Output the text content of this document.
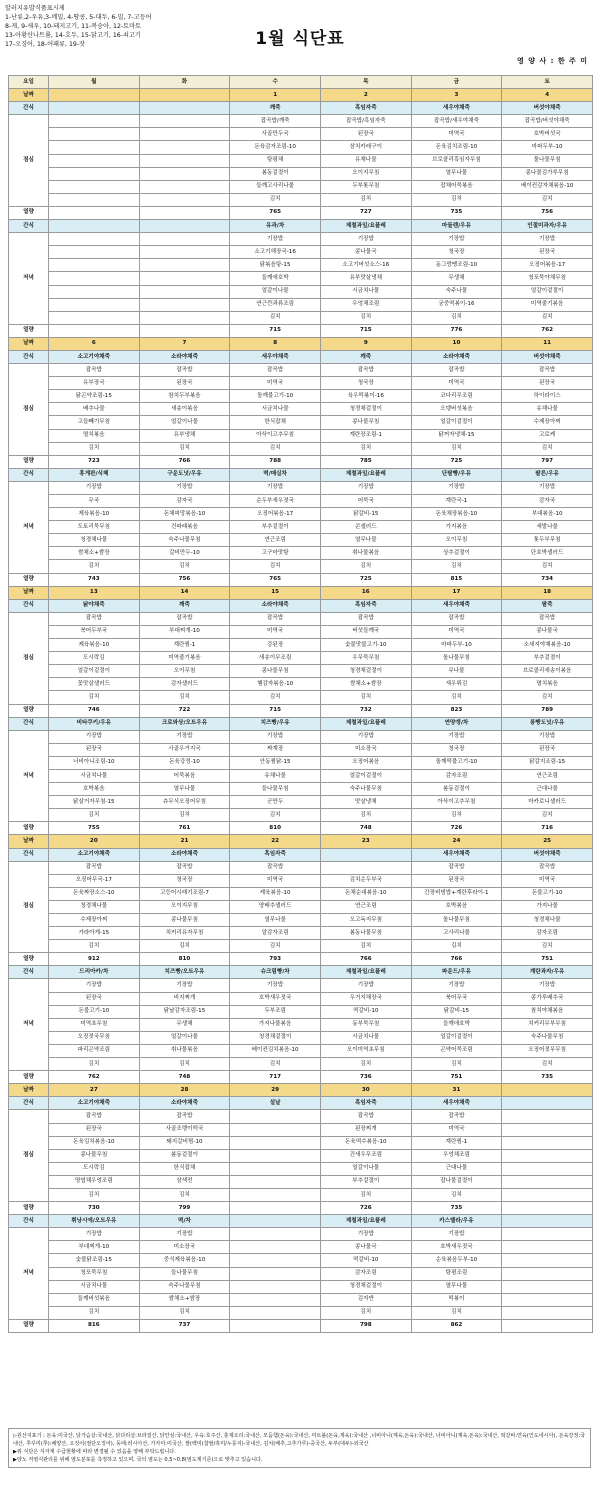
알러지유발식품표시제
1-난류,2-우유,3-메밀, 4-땅콩, 5-대두, 6-밀, 7-고등어
8-게, 9-새우, 10-돼지고기, 11-복숭아, 12-토마토
13-아황산나트륨, 14-호두, 15-닭고기, 16-쇠고기
17-오징어, 18-어패류, 19-잣	1월 식단표
영 양 사 : 한 주 미
요일	월	화	수	목	금	토
날짜			1	2	3	4
간식			깨죽	흑임자죽	새우야채죽	버섯야채죽
점심			잡곡밥/깨죽	잡곡밥/흑임자죽	잡곡밥/새우야채죽	잡곡밥/버섯야채죽
			사골만두국	된장국	미역국	호박버섯국
			돈육감자조림-10	삼치카레구이	돈육김치조림-10	마파두부-10
			탕평채	유채나물	브로콜리흑임자무침	물나물무침
			봄동겉절이	오이지무침	열무나물	콩나물김가루무침
			들깨고사리나물	두부톳무침	잡채어묵볶음	베이컨감자채볶음-10
			김치	김치	김치	김치
열량			765	727	735	756
간식			유과/차	제철과일/요플레	마들렌/우유	인절미과자/우유
저녁			기장밥	기장밥	기장밥	기장밥
			소고기해장국-16	콩나물국	청국장	된장국
			닭볶음탕-15	소고기버섯소스-16	동그랑땡조림-10	오징어볶음-17
			들깨애호박	유부맛살냉채	무생채	청포묵야채무침
			얼갈이나물	시금치나물	숙주나물	얼갈이겉절이
			연근깐과류조림	우엉채조림	궁중떡볶이-16	미역줄기볶음
			김치	김치	김치	김치
열량			715	715	776	762
날짜	6	7	8	9	10	11
간식	소고기야채죽	소라야채죽	새우야채죽	깨죽	소라야채죽	버섯야채죽
점심	잡곡밥	잡곡밥	잡곡밥	잡곡밥	잡곡밥	잡곡밥
	유부장국	된장국	미역국	청국장	미역국	된장국
	닭곤약조림-15	참치두부볶음	돌깨불고기-10	육우떡볶이-16	코다리무조림	하이라이스
	배추나물	새송이볶음	시금치나물	청경채겉절이	오뎅버섯볶음	유채나물
	고들빼기무침	얼갈이나물	한식잡채	콩나물무침	얼갈이겉절이	수제장아찌
	멸치볶음	유부냉채	아삭이고추무침	계란장조림-1	닭꺼자냉채-15	고로케
	김치	김치	김치	김치	김치	김치
열량	723	766	788	785	725	797
간식	휴게판/식혜	구운도넛/우유	떡/매실차	제철과일/요플레	단팥빵/우유	팔른/우유
저녁	기장밥	기장밥	기장밥	기장밥	기장밥	기장밥
	무국	감자국	순두부새우젓국	어묵국	계란국-1	감자국
	제육볶음-10	돈채피망볶음-10	오징어볶음-17	닭갈비-15	돈육채장볶음-10	부대볶음-10
	도토리묵무침	건파래볶음	부추겉절이	콘샐러드	가지볶음	세발나물
	청경채나물	숙주나물무침	연근조림	열무나물	오이무침	톳두부무침
	쌈채소+쌈장	갈비만두-10	고구마맛탕	취나물볶음	상추겉절이	단호박샐러드
	김치	김치	김치	김치	김치	김치
열량	743	756	765	725	815	734
날짜	13	14	15	16	17	18
간식	닭야채죽	깨죽	소라야채죽	흑임자죽	새우야채죽	팥죽
점심	잡곡밥	잡곡밥	잡곡밥	잡곡밥	잡곡밥	잡곡밥
	북어두부국	부대찌개-10	미역국	버섯들깨국	미역국	콩나물국
	제육볶음-10	계란찜-1	강된장	숯불맛불고기-10	마파두부-10	소세지야채볶음-10
	도시락김	미역줄기볶음	새송이무조림	우무묵무침	돌나물무침	부추겉절이
	얼갈이겉절이	오이무침	콩나물무침	청경채겉절이	무나물	브로콜리새송이볶음
	꽃맛살샐러드	감자샐러드	햄감자볶음-10	쌈채소+쌈장	새우튀김	멸치볶음
	김치	김치	김치	김치	김치	김치
열량	746	722	715	732	823	789
간식	비타쿠키/우유	크로와상/오트우유	치즈빵/우유	제철과일/요플레	연양갱/차	롱빵도넛/우유
저녁	기장밥	기장밥	기장밥	기장밥	기장밥	기장밥
	된장국	사골우거지국	짜계장	미소장국	청국장	된장국
	너비아니조림-10	돈육강정-10	안동찜닭-15	오징어볶음	돌깨떡불고기-10	닭갈지조림-15
	시금치나물	어묵볶음	유채나물	얼갈이겉절이	감자조림	연근조림
	호박볶음	열무나물	들나물무침	숙주나물무침	봄동겉절이	근대나물
	닭살거자무침-15	츄무식오징어무침	군만두	맛살냉채	아삭이고추무침	마카로니샐러드
	김치	김치	김치	김치	김치	김치
열량	755	761	810	748	726	716
날짜	20	21	22	23	24	25
간식	소고기야채죽	소라야채죽	흑임자죽		새우야채죽	버섯야채죽
점심	잡곡밥	잡곡밥	잡곡밥		잡곡밥	잡곡밥
	오징어무국-17	청국장	미역국	김치순두부국	된장국	미역국
	돈육짜장소스-10	고등어시래기조림-7	제육볶음-10	돈채순대볶음-10	간장비빔밥+계란후라이-1	돈불고기-10
	청경채나물	오이지무침	양배추샐러드	연근조림	호박볶음	가지나물
	수제장아찌	콩나물무침	열무나물	오고독지무침	돌나물무침	청경채나물
	가라아게-15	치커리유자무침	알감자조림	봄동나물무침	고사리나물	감자조림
	김치	김치	김치	김치	김치	김치
열량	912	810	793	766	766	751
간식	드리아카/차	치즈빵/오트우유	슈크림빵/차	제철과일/요플레	파운드/우유	계란과자/우유
저녁	기장밥	기장밥	기장밥	기장밥	기장밥	기장밥
	된장국	비지찌개	호박새우젓국	우거지해장국	북어무국	콩가루배추국
	돈불고기-10	닭날감자조림-15	두부조림	떡갈비-10	닭갈비-15	참치야채볶음
	미역초무침	무생채	가지나물볶음	동부묵무침	들깨애호박	치커리무부무침
	오징젓국무침	얼갈이나물	청경채겉절이	시금치나물	얼갈이겉절이	숙주나물무침
	파리곤약조림	취나물볶음	베이컨김치볶음-10	오이미역초무침	곤약어묵조림	오징어젓무무침
	김치	김치	김치	김치	김치	김치
열량	762	748	717	736	751	735
날짜	27	28	29	30	31	
간식	소고기야채죽	소라야채죽	설날	흑임자죽	새우야채죽	
점심	잡곡밥	잡곡밥		잡곡밥	잡곡밥	
	된장국	사골조랭이떡국		된장찌개	미역국	
	돈육김치볶음-10	돼지갈비찜-10		돈육떡수볶음-10	계란찜-1	
	콩나물무침	봄동겉절이		건새우무조림	우엉채조림	
	도시락김	한식잡채		얼갈이나물	근대나물	
	명엽채우엉조림	삼색전		부추겉절이	잡나물겉절이	
	김치	김치		김치	김치	
열량	730	799		726	735	
간식	휘낭시에/오트우유	떡/차		제철과일/요플레	카스텔라/우유	
저녁	기장밥	기장밥		기장밥	기장밥	
	부대찌개-10	미소장국		콩나물국	호박새우젓국	
	숯불닭조림-15	중식제육볶음-10		떡갈비-10	순육볶음두부-10	
	청포묵무침	들나물무침		감자조림	탕평조림	
	시금치나물	숙주나물무침		청경채겉절이	열무나물	
	들깨버섯볶음	쌈채소+쌈장		김자반	떡볶이	
	김치	김치		김치	김치	
열량	816	737		798	862	
▷원산지표기 : 돈육:미국산, 닭가슴살:국내산, 닭다리살:브라질산, 닭안심:국내산, 우육:호주산, 훈제오리:국내산, 모듬햄(돈육):국내산, 미트볼(돈육,계육):국내산 ,너비아니(계육,돈육):국내산, 너비아니(계육,돈육):국내산, 떡갈비:연육(인도네시아), 돈육강정:국내산, 쭈꾸미(쭈):해양산, 오징어(절단오징어), 동태:러시아산, 가자미:미국산, 쌀(백미(찹쌀/흑미/누룽지)-국내산, 김치(배추,고추가루)-중국산, 두부(대두)-외국산
▶위 식단은 식자재 수급현황에 따라 변경될 수 있음을 양해 부탁드립니다.
▶양노 저염식관리를 위해 염도분포를 측정하고 있으며, 국의 염도는 0.5~0.8(염도계기준)으로 맞추고 있습니다.
